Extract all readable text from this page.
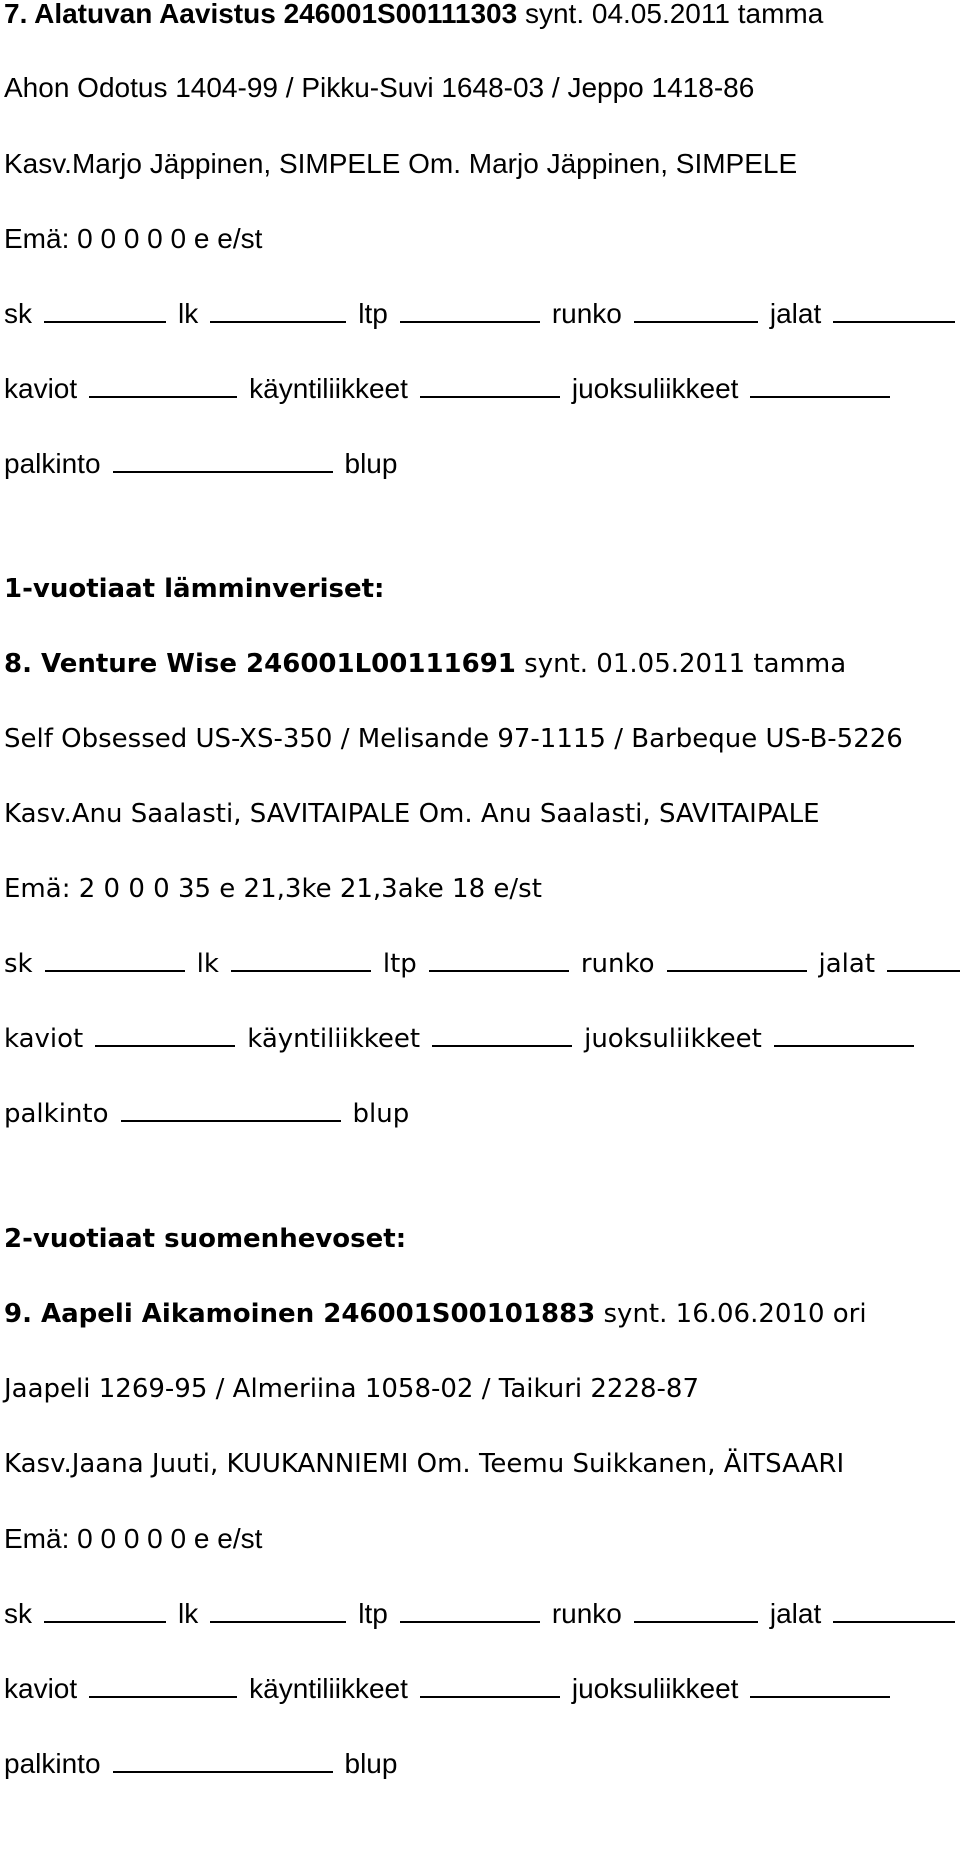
7. Alatuvan Aavistus 246001S00111303 synt. 04.05.2011 tamma

Ahon Odotus 1404-99 / Pikku-Suvi 1648-03 / Jeppo 1418-86

Kasv.Marjo Jäppinen, SIMPELE Om. Marjo Jäppinen, SIMPELE

Emä: 0 0 0 0 0 e e/st

sk	lk	ltp	runko	jalat

kaviot	käyntiliikkeet	juoksuliikkeet

palkinto	blup

1-vuotiaat lämminveriset:

8. Venture Wise 246001L00111691 synt. 01.05.2011 tamma

Self Obsessed US-XS-350 / Melisande 97-1115 / Barbeque US-B-5226

Kasv.Anu Saalasti, SAVITAIPALE Om. Anu Saalasti, SAVITAIPALE

Emä: 2 0 0 0 35 e 21,3ke 21,3ake 18 e/st

sk	lk	ltp	runko	jalat

kaviot	käyntiliikkeet	juoksuliikkeet

palkinto	blup

2-vuotiaat suomenhevoset:

9. Aapeli Aikamoinen 246001S00101883 synt. 16.06.2010 ori

Jaapeli 1269-95 / Almeriina 1058-02 / Taikuri 2228-87

Kasv.Jaana Juuti, KUUKANNIEMI Om. Teemu Suikkanen, ÄITSAARI

Emä: 0 0 0 0 0 e e/st

sk	lk	ltp	runko	jalat

kaviot	käyntiliikkeet	juoksuliikkeet

palkinto	blup
